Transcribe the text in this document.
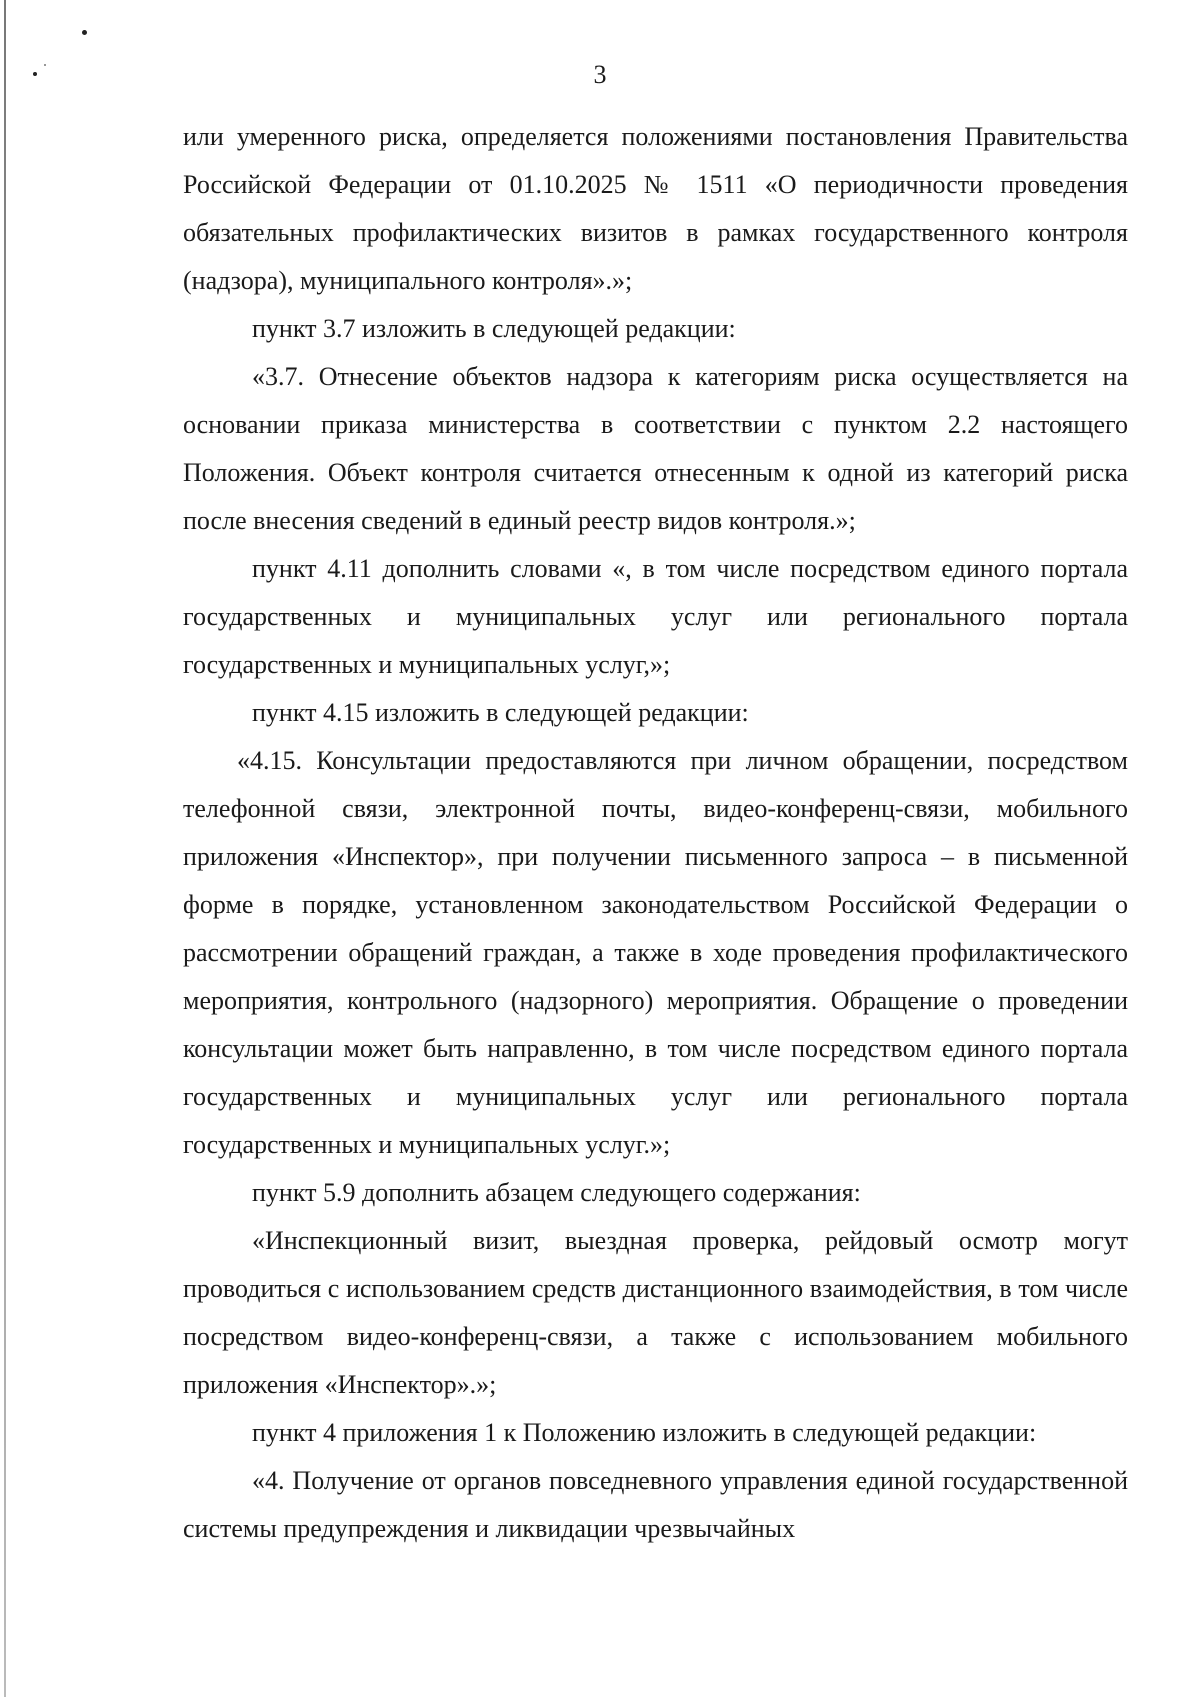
3

или умеренного риска, определяется положениями постановления Правительства Российской Федерации от 01.10.2025 № 1511 «О периодичности проведения обязательных профилактических визитов в рамках государственного контроля (надзора), муниципального контроля».»;

пункт 3.7 изложить в следующей редакции:

«3.7. Отнесение объектов надзора к категориям риска осуществляется на основании приказа министерства в соответствии с пунктом 2.2 настоящего Положения. Объект контроля считается отнесенным к одной из категорий риска после внесения сведений в единый реестр видов контроля.»;

пункт 4.11 дополнить словами «, в том числе посредством единого портала государственных и муниципальных услуг или регионального портала государственных и муниципальных услуг,»;

пункт 4.15 изложить в следующей редакции:

«4.15. Консультации предоставляются при личном обращении, посредством телефонной связи, электронной почты, видео-конференц-связи, мобильного приложения «Инспектор», при получении письменного запроса – в письменной форме в порядке, установленном законодательством Российской Федерации о рассмотрении обращений граждан, а также в ходе проведения профилактического мероприятия, контрольного (надзорного) мероприятия. Обращение о проведении консультации может быть направленно, в том числе посредством единого портала государственных и муниципальных услуг или регионального портала государственных и муниципальных услуг.»;

пункт 5.9 дополнить абзацем следующего содержания:

«Инспекционный визит, выездная проверка, рейдовый осмотр могут проводиться с использованием средств дистанционного взаимодействия, в том числе посредством видео-конференц-связи, а также с использованием мобильного приложения «Инспектор».»;

пункт 4 приложения 1 к Положению изложить в следующей редакции:

«4. Получение от органов повседневного управления единой государственной системы предупреждения и ликвидации чрезвычайных
